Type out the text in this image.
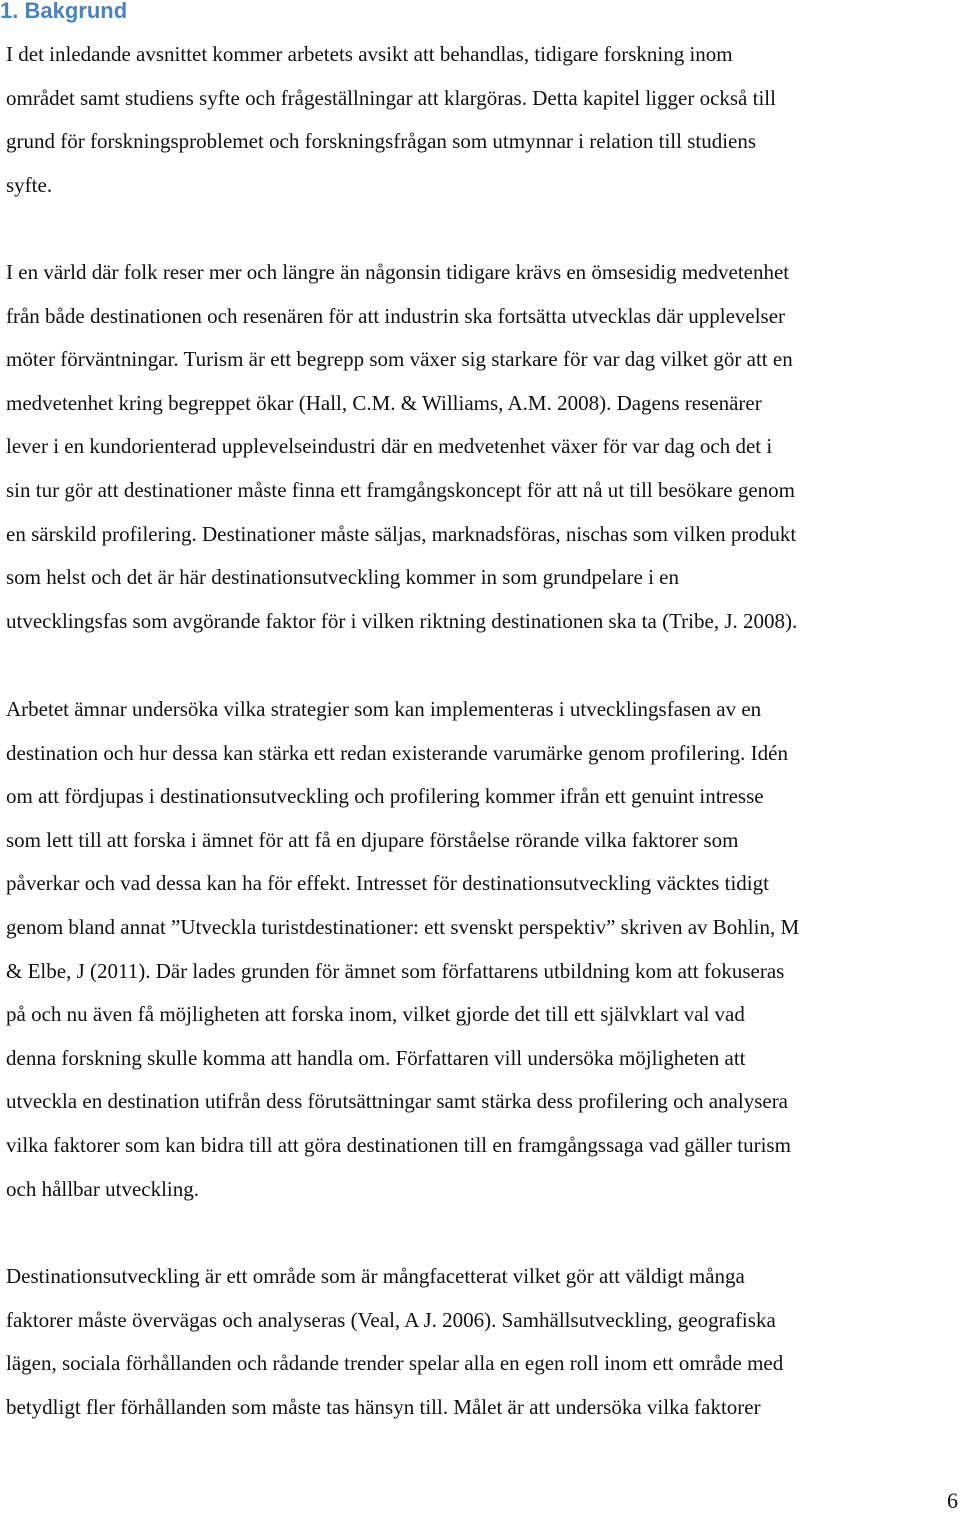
1. Bakgrund

I det inledande avsnittet kommer arbetets avsikt att behandlas, tidigare forskning inom
området samt studiens syfte och frågeställningar att klargöras. Detta kapitel ligger också till
grund för forskningsproblemet och forskningsfrågan som utmynnar i relation till studiens
syfte.

I en värld där folk reser mer och längre än någonsin tidigare krävs en ömsesidig medvetenhet
från både destinationen och resenären för att industrin ska fortsätta utvecklas där upplevelser
möter förväntningar. Turism är ett begrepp som växer sig starkare för var dag vilket gör att en
medvetenhet kring begreppet ökar (Hall, C.M. & Williams, A.M. 2008). Dagens resenärer
lever i en kundorienterad upplevelseindustri där en medvetenhet växer för var dag och det i
sin tur gör att destinationer måste finna ett framgångskoncept för att nå ut till besökare genom
en särskild profilering. Destinationer måste säljas, marknadsföras, nischas som vilken produkt
som helst och det är här destinationsutveckling kommer in som grundpelare i en
utvecklingsfas som avgörande faktor för i vilken riktning destinationen ska ta (Tribe, J. 2008).

Arbetet ämnar undersöka vilka strategier som kan implementeras i utvecklingsfasen av en
destination och hur dessa kan stärka ett redan existerande varumärke genom profilering. Idén
om att fördjupas i destinationsutveckling och profilering kommer ifrån ett genuint intresse
som lett till att forska i ämnet för att få en djupare förståelse rörande vilka faktorer som
påverkar och vad dessa kan ha för effekt. Intresset för destinationsutveckling väcktes tidigt
genom bland annat ”Utveckla turistdestinationer: ett svenskt perspektiv” skriven av Bohlin, M
& Elbe, J (2011). Där lades grunden för ämnet som författarens utbildning kom att fokuseras
på och nu även få möjligheten att forska inom, vilket gjorde det till ett självklart val vad
denna forskning skulle komma att handla om. Författaren vill undersöka möjligheten att
utveckla en destination utifrån dess förutsättningar samt stärka dess profilering och analysera
vilka faktorer som kan bidra till att göra destinationen till en framgångssaga vad gäller turism
och hållbar utveckling.

Destinationsutveckling är ett område som är mångfacetterat vilket gör att väldigt många
faktorer måste övervägas och analyseras (Veal, A J. 2006). Samhällsutveckling, geografiska
lägen, sociala förhållanden och rådande trender spelar alla en egen roll inom ett område med
betydligt fler förhållanden som måste tas hänsyn till. Målet är att undersöka vilka faktorer

6
